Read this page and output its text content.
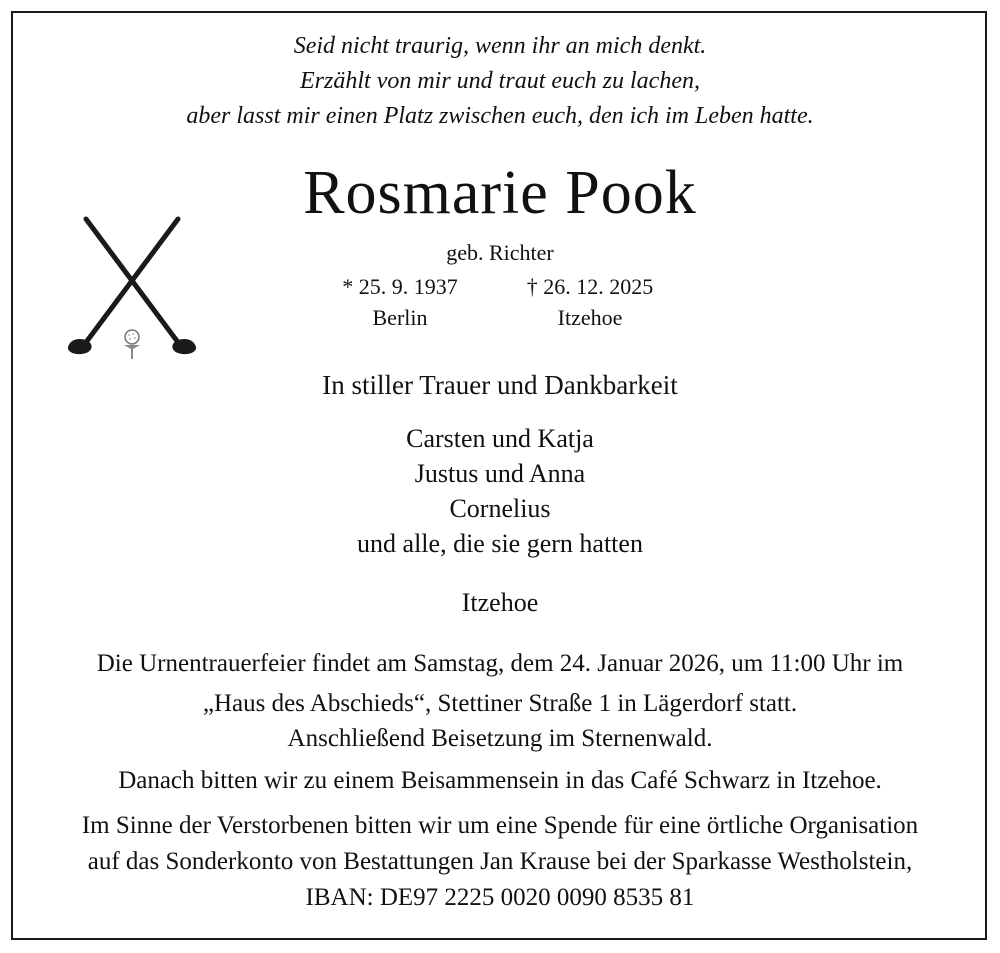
Seid nicht traurig, wenn ihr an mich denkt.
Erzählt von mir und traut euch zu lachen,
aber lasst mir einen Platz zwischen euch, den ich im Leben hatte.
Rosmarie Pook
geb. Richter
* 25. 9. 1937
Berlin
† 26. 12. 2025
Itzehoe
In stiller Trauer und Dankbarkeit
Carsten und Katja
Justus und Anna
Cornelius
und alle, die sie gern hatten
Itzehoe
Die Urnentrauerfeier findet am Samstag, dem 24. Januar 2026, um 11:00 Uhr im
„Haus des Abschieds“, Stettiner Straße 1 in Lägerdorf statt.
Anschließend Beisetzung im Sternenwald.
Danach bitten wir zu einem Beisammensein in das Café Schwarz in Itzehoe.
Im Sinne der Verstorbenen bitten wir um eine Spende für eine örtliche Organisation
auf das Sonderkonto von Bestattungen Jan Krause bei der Sparkasse Westholstein,
IBAN: DE97 2225 0020 0090 8535 81
